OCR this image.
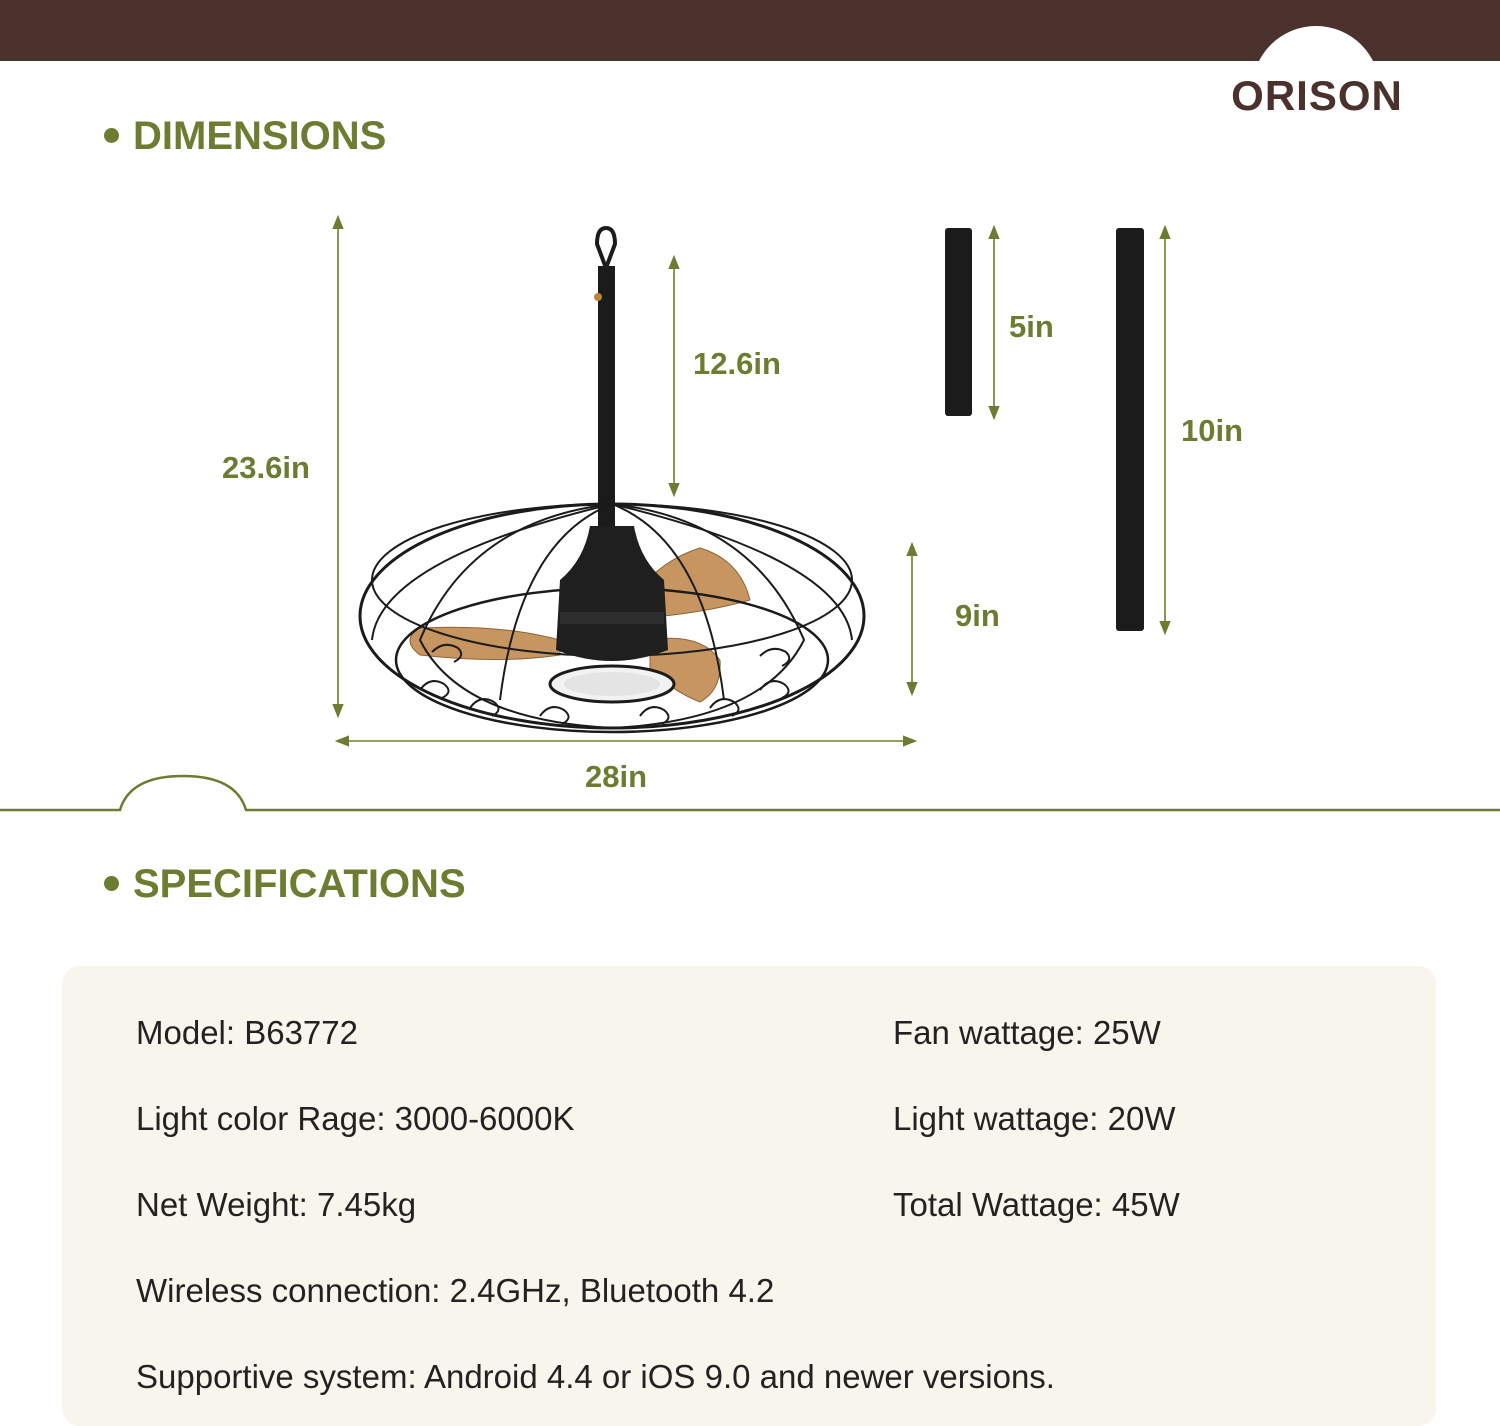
ORISON
DIMENSIONS
23.6in
12.6in
5in
10in
9in
28in
SPECIFICATIONS
Model: B63772
Light color Rage: 3000-6000K
Net Weight: 7.45kg
Wireless connection: 2.4GHz, Bluetooth 4.2
Supportive system: Android 4.4 or iOS 9.0 and newer versions.
Fan wattage: 25W
Light wattage: 20W
Total Wattage: 45W
